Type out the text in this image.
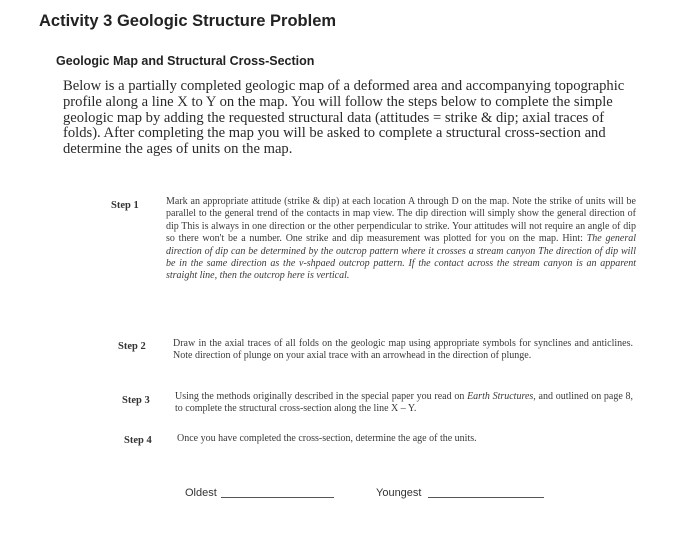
Activity 3 Geologic Structure Problem
Geologic Map and Structural Cross-Section
Below is a partially completed geologic map of a deformed area and accompanying topographic profile along a line X to Y on the map. You will follow the steps below to complete the simple geologic map by adding the requested structural data (attitudes = strike & dip; axial traces of folds). After completing the map you will be asked to complete a structural cross-section and determine the ages of units on the map.
Step 1	Mark an appropriate attitude (strike & dip) at each location A through D on the map. Note the strike of units will be parallel to the general trend of the contacts in map view. The dip direction will simply show the general direction of dip This is always in one direction or the other perpendicular to strike. Your attitudes will not require an angle of dip so there won't be a number. One strike and dip measurement was plotted for you on the map. Hint: The general direction of dip can be determined by the outcrop pattern where it crosses a stream canyon The direction of dip will be in the same direction as the v-shpaed outcrop pattern. If the contact across the stream canyon is an apparent straight line, then the outcrop here is vertical.
Step 2	Draw in the axial traces of all folds on the geologic map using appropriate symbols for synclines and anticlines. Note direction of plunge on your axial trace with an arrowhead in the direction of plunge.
Step 3	Using the methods originally described in the special paper you read on Earth Structures, and outlined on page 8, to complete the structural cross-section along the line X – Y.
Step 4	Once you have completed the cross-section, determine the age of the units.
Oldest	Youngest
